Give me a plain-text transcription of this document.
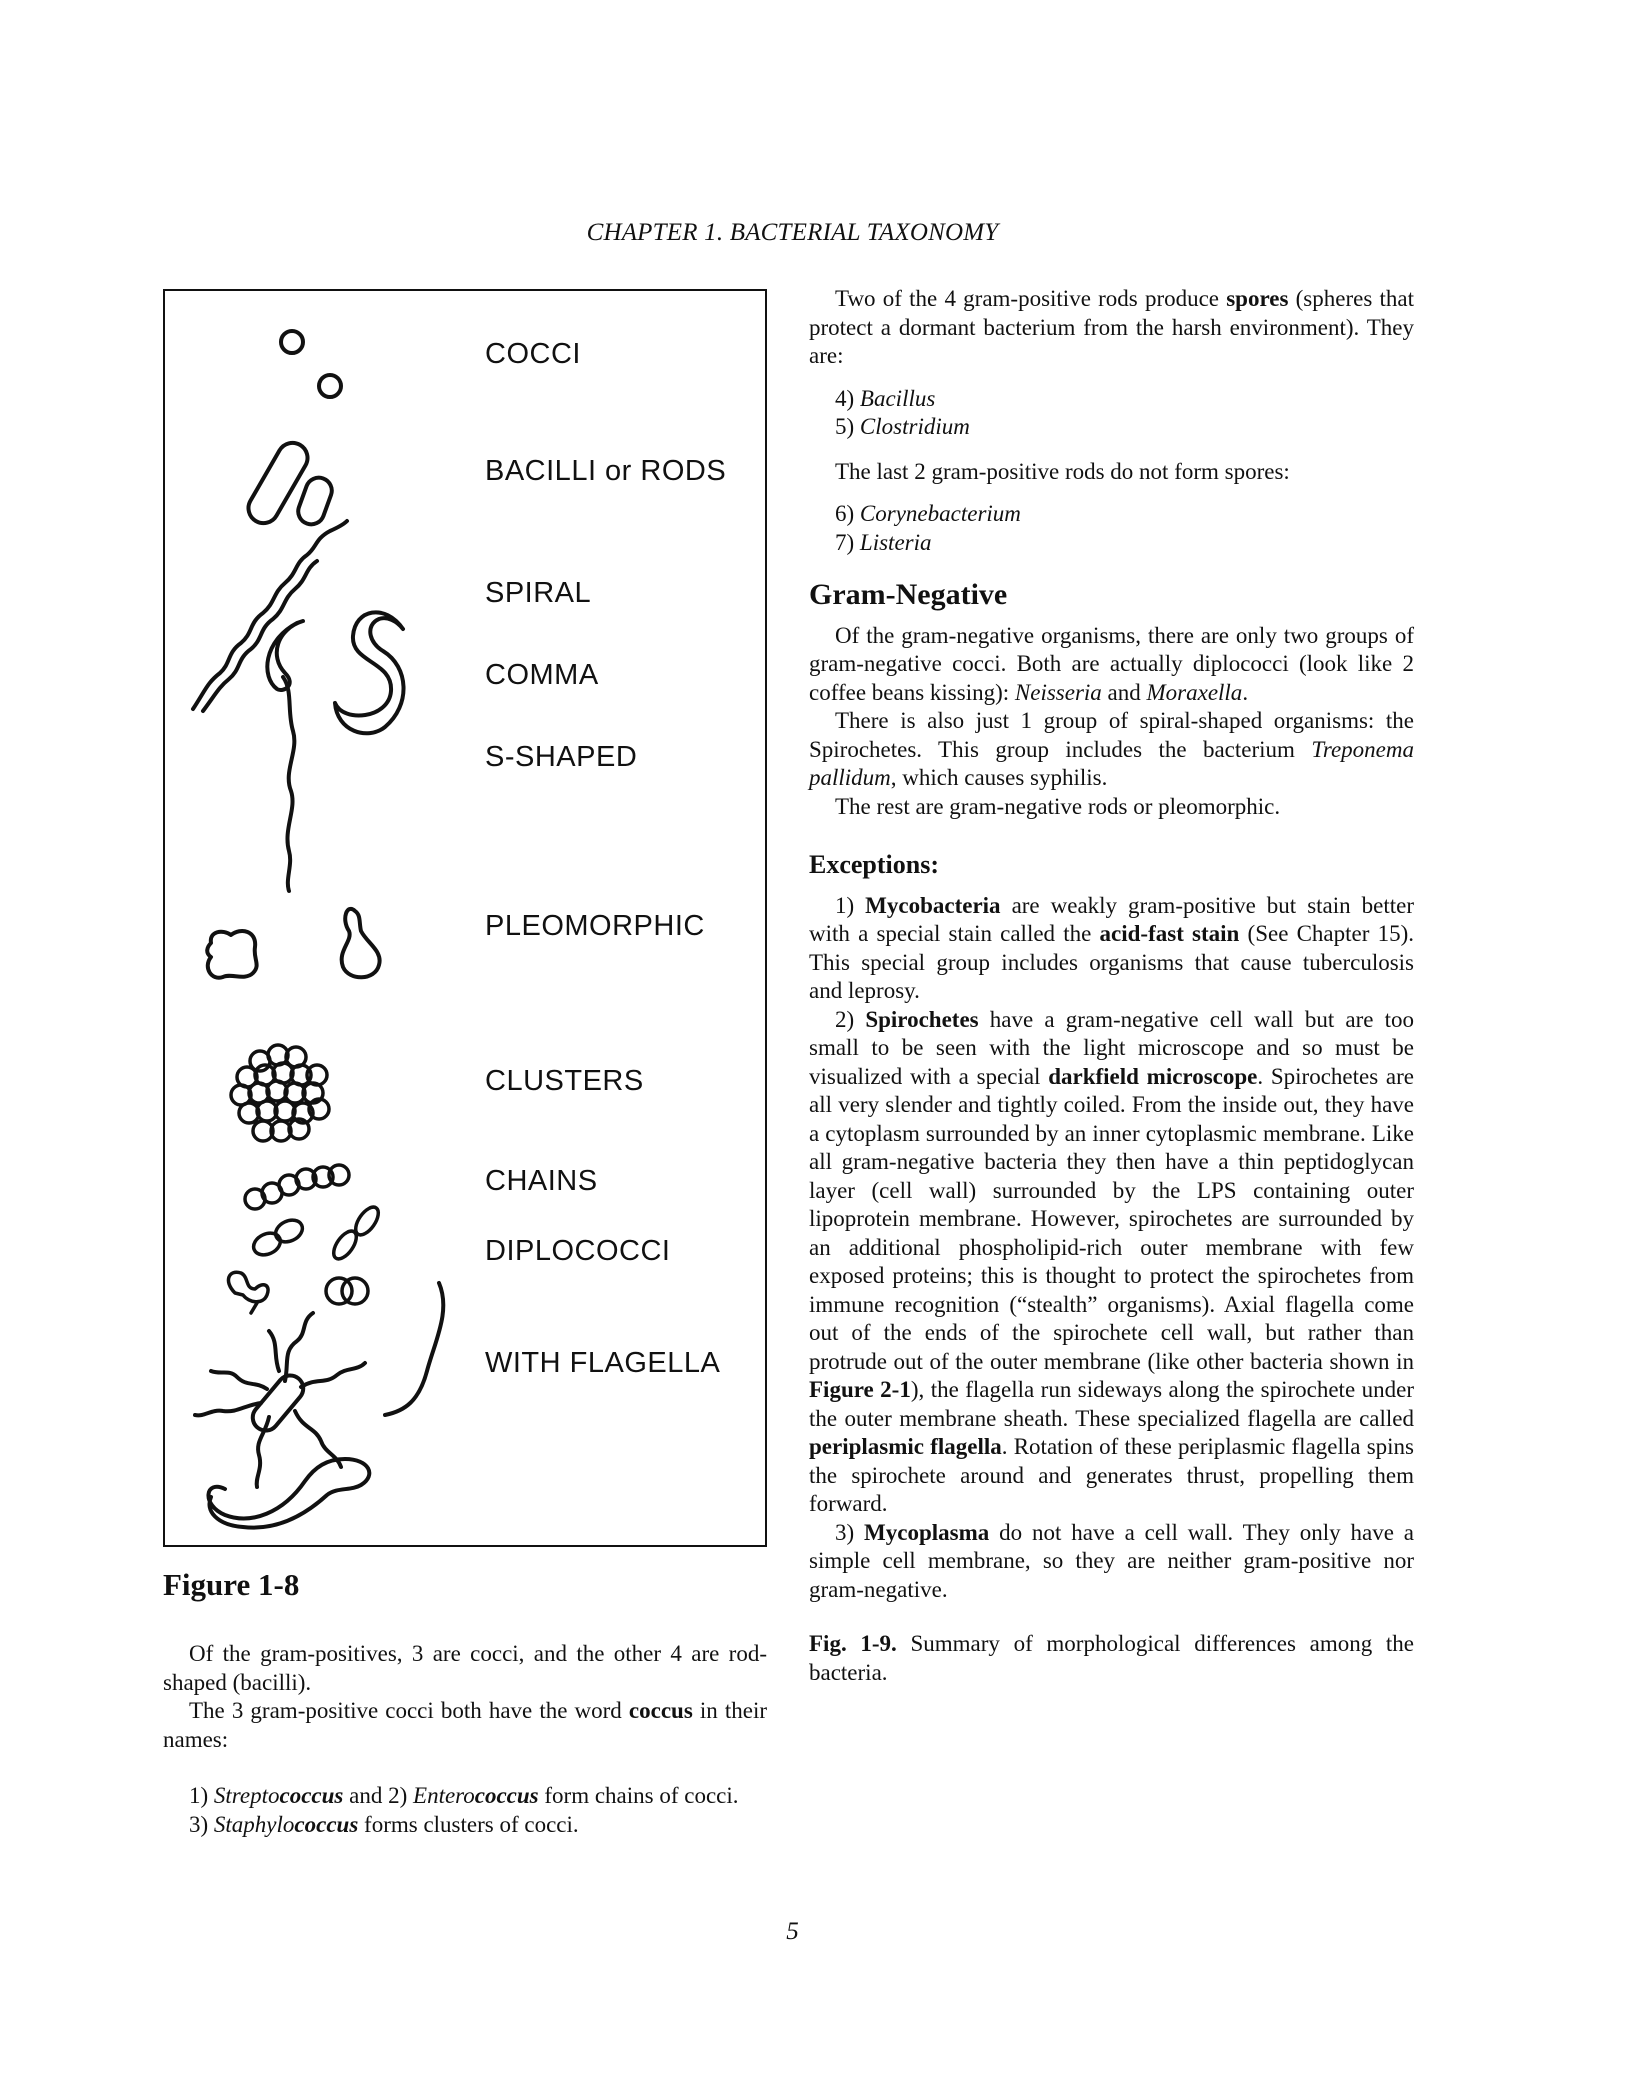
CHAPTER 1. BACTERIAL TAXONOMY
COCCI
BACILLI or RODS
SPIRAL
COMMA
S-SHAPED
PLEOMORPHIC
CLUSTERS
CHAINS
DIPLOCOCCI
WITH FLAGELLA
Figure 1-8

Of the gram-positives, 3 are cocci, and the other 4 are rod-shaped (bacilli).

The 3 gram-positive cocci both have the word coccus in their names:

1) Streptococcus and 2) Enterococcus form chains of cocci.

3) Staphylococcus forms clusters of cocci.

Two of the 4 gram-positive rods produce spores (spheres that protect a dormant bacterium from the harsh environment). They are:

4) Bacillus
5) Clostridium

The last 2 gram-positive rods do not form spores:

6) Corynebacterium
7) Listeria
Gram-Negative

Of the gram-negative organisms, there are only two groups of gram-negative cocci. Both are actually diplococci (look like 2 coffee beans kissing): Neisseria and Moraxella.

There is also just 1 group of spiral-shaped organisms: the Spirochetes. This group includes the bacterium Treponema pallidum, which causes syphilis.

The rest are gram-negative rods or pleomorphic.

Exceptions:

1) Mycobacteria are weakly gram-positive but stain better with a special stain called the acid-fast stain (See Chapter 15). This special group includes organisms that cause tuberculosis and leprosy.

2) Spirochetes have a gram-negative cell wall but are too small to be seen with the light microscope and so must be visualized with a special darkfield microscope. Spirochetes are all very slender and tightly coiled. From the inside out, they have a cytoplasm surrounded by an inner cytoplasmic membrane. Like all gram-negative bacteria they then have a thin peptidoglycan layer (cell wall) surrounded by the LPS containing outer lipoprotein membrane. However, spirochetes are surrounded by an additional phospholipid-rich outer membrane with few exposed proteins; this is thought to protect the spirochetes from immune recognition (“stealth” organisms). Axial flagella come out of the ends of the spirochete cell wall, but rather than protrude out of the outer membrane (like other bacteria shown in Figure 2-1), the flagella run sideways along the spirochete under the outer membrane sheath. These specialized flagella are called periplasmic flagella. Rotation of these periplasmic flagella spins the spirochete around and generates thrust, propelling them forward.

3) Mycoplasma do not have a cell wall. They only have a simple cell membrane, so they are neither gram-positive nor gram-negative.

Fig. 1-9. Summary of morphological differences among the bacteria.

5
